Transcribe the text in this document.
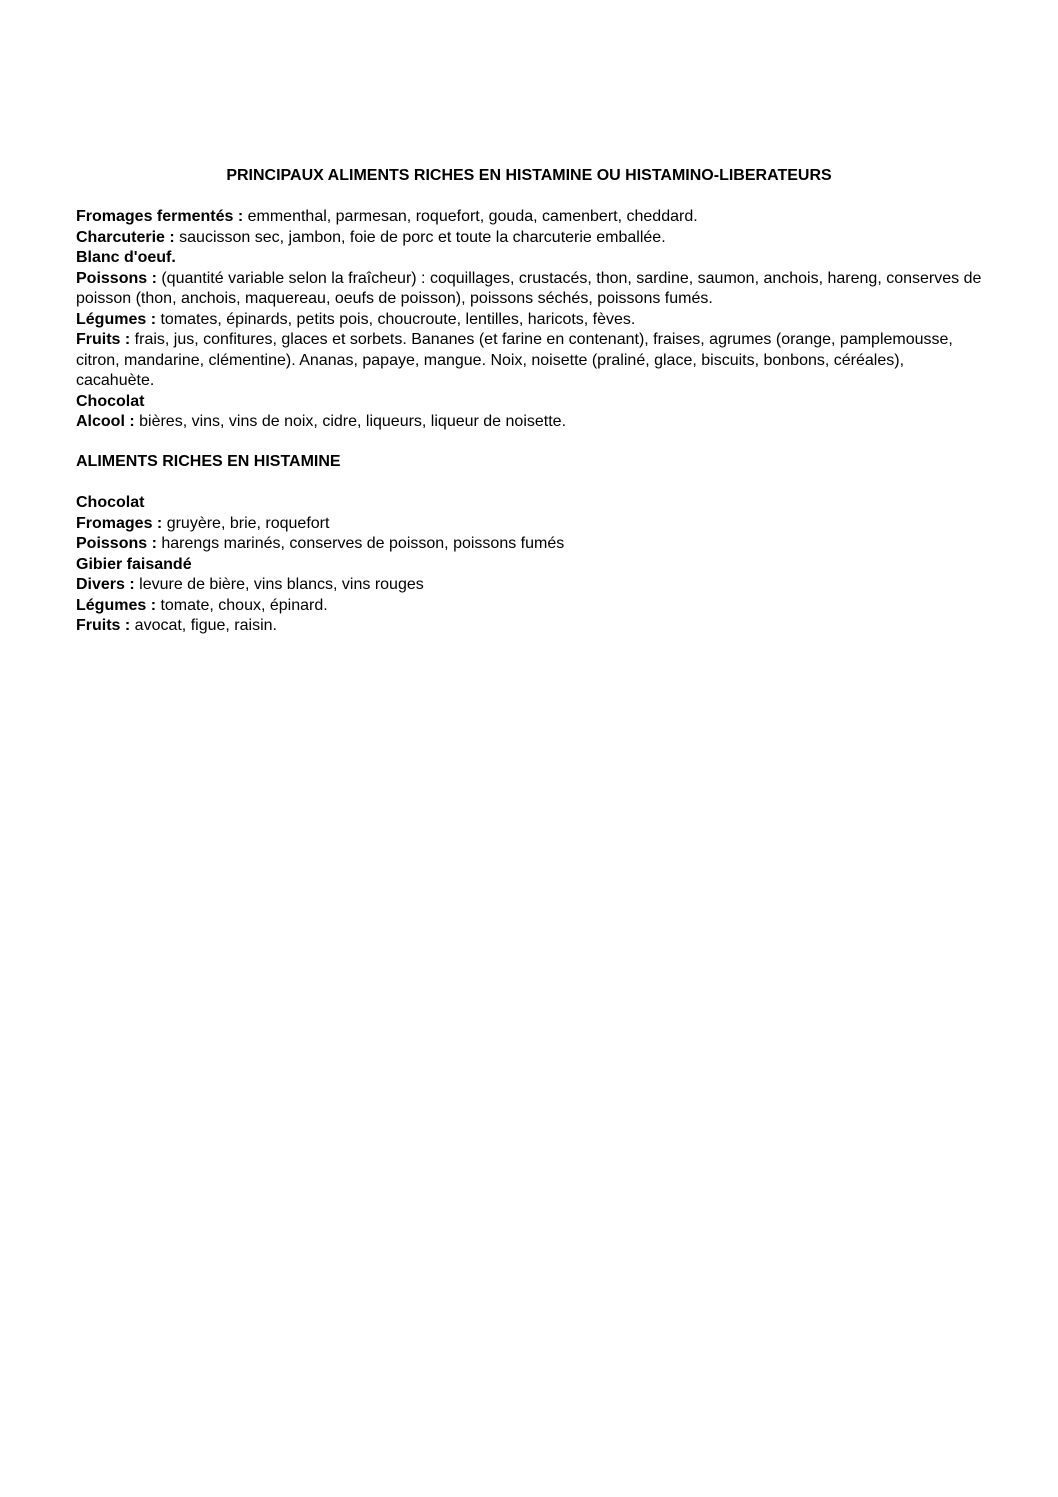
PRINCIPAUX ALIMENTS RICHES EN HISTAMINE OU HISTAMINO-LIBERATEURS

Fromages fermentés : emmenthal, parmesan, roquefort, gouda, camenbert, cheddard.

Charcuterie : saucisson sec, jambon, foie de porc et toute la charcuterie emballée.

Blanc d'oeuf.

Poissons : (quantité variable selon la fraîcheur) : coquillages, crustacés, thon, sardine, saumon, anchois, hareng, conserves de poisson (thon, anchois, maquereau, oeufs de poisson), poissons séchés, poissons fumés.

Légumes : tomates, épinards, petits pois, choucroute, lentilles, haricots, fèves.

Fruits : frais, jus, confitures, glaces et sorbets. Bananes (et farine en contenant), fraises, agrumes (orange, pamplemousse, citron, mandarine, clémentine). Ananas, papaye, mangue. Noix, noisette (praliné, glace, biscuits, bonbons, céréales), cacahuète.

Chocolat

Alcool : bières, vins, vins de noix, cidre, liqueurs, liqueur de noisette.

ALIMENTS RICHES EN HISTAMINE

Chocolat

Fromages : gruyère, brie, roquefort

Poissons : harengs marinés, conserves de poisson, poissons fumés

Gibier faisandé

Divers : levure de bière, vins blancs, vins rouges

Légumes : tomate, choux, épinard.

Fruits : avocat, figue, raisin.
